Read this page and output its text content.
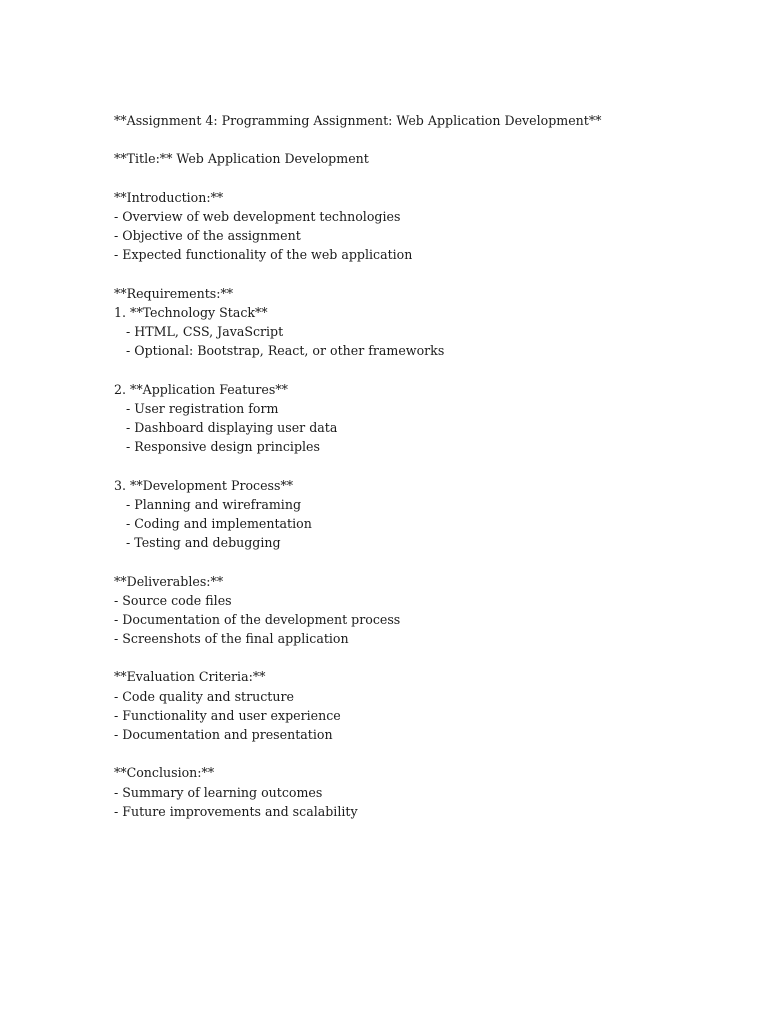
**Assignment 4: Programming Assignment: Web Application Development**
**Title:** Web Application Development
**Introduction:**
- Overview of web development technologies
- Objective of the assignment
- Expected functionality of the web application
**Requirements:**
1. **Technology Stack**
- HTML, CSS, JavaScript
- Optional: Bootstrap, React, or other frameworks
2. **Application Features**
- User registration form
- Dashboard displaying user data
- Responsive design principles
3. **Development Process**
- Planning and wireframing
- Coding and implementation
- Testing and debugging
**Deliverables:**
- Source code files
- Documentation of the development process
- Screenshots of the final application
**Evaluation Criteria:**
- Code quality and structure
- Functionality and user experience
- Documentation and presentation
**Conclusion:**
- Summary of learning outcomes
- Future improvements and scalability
